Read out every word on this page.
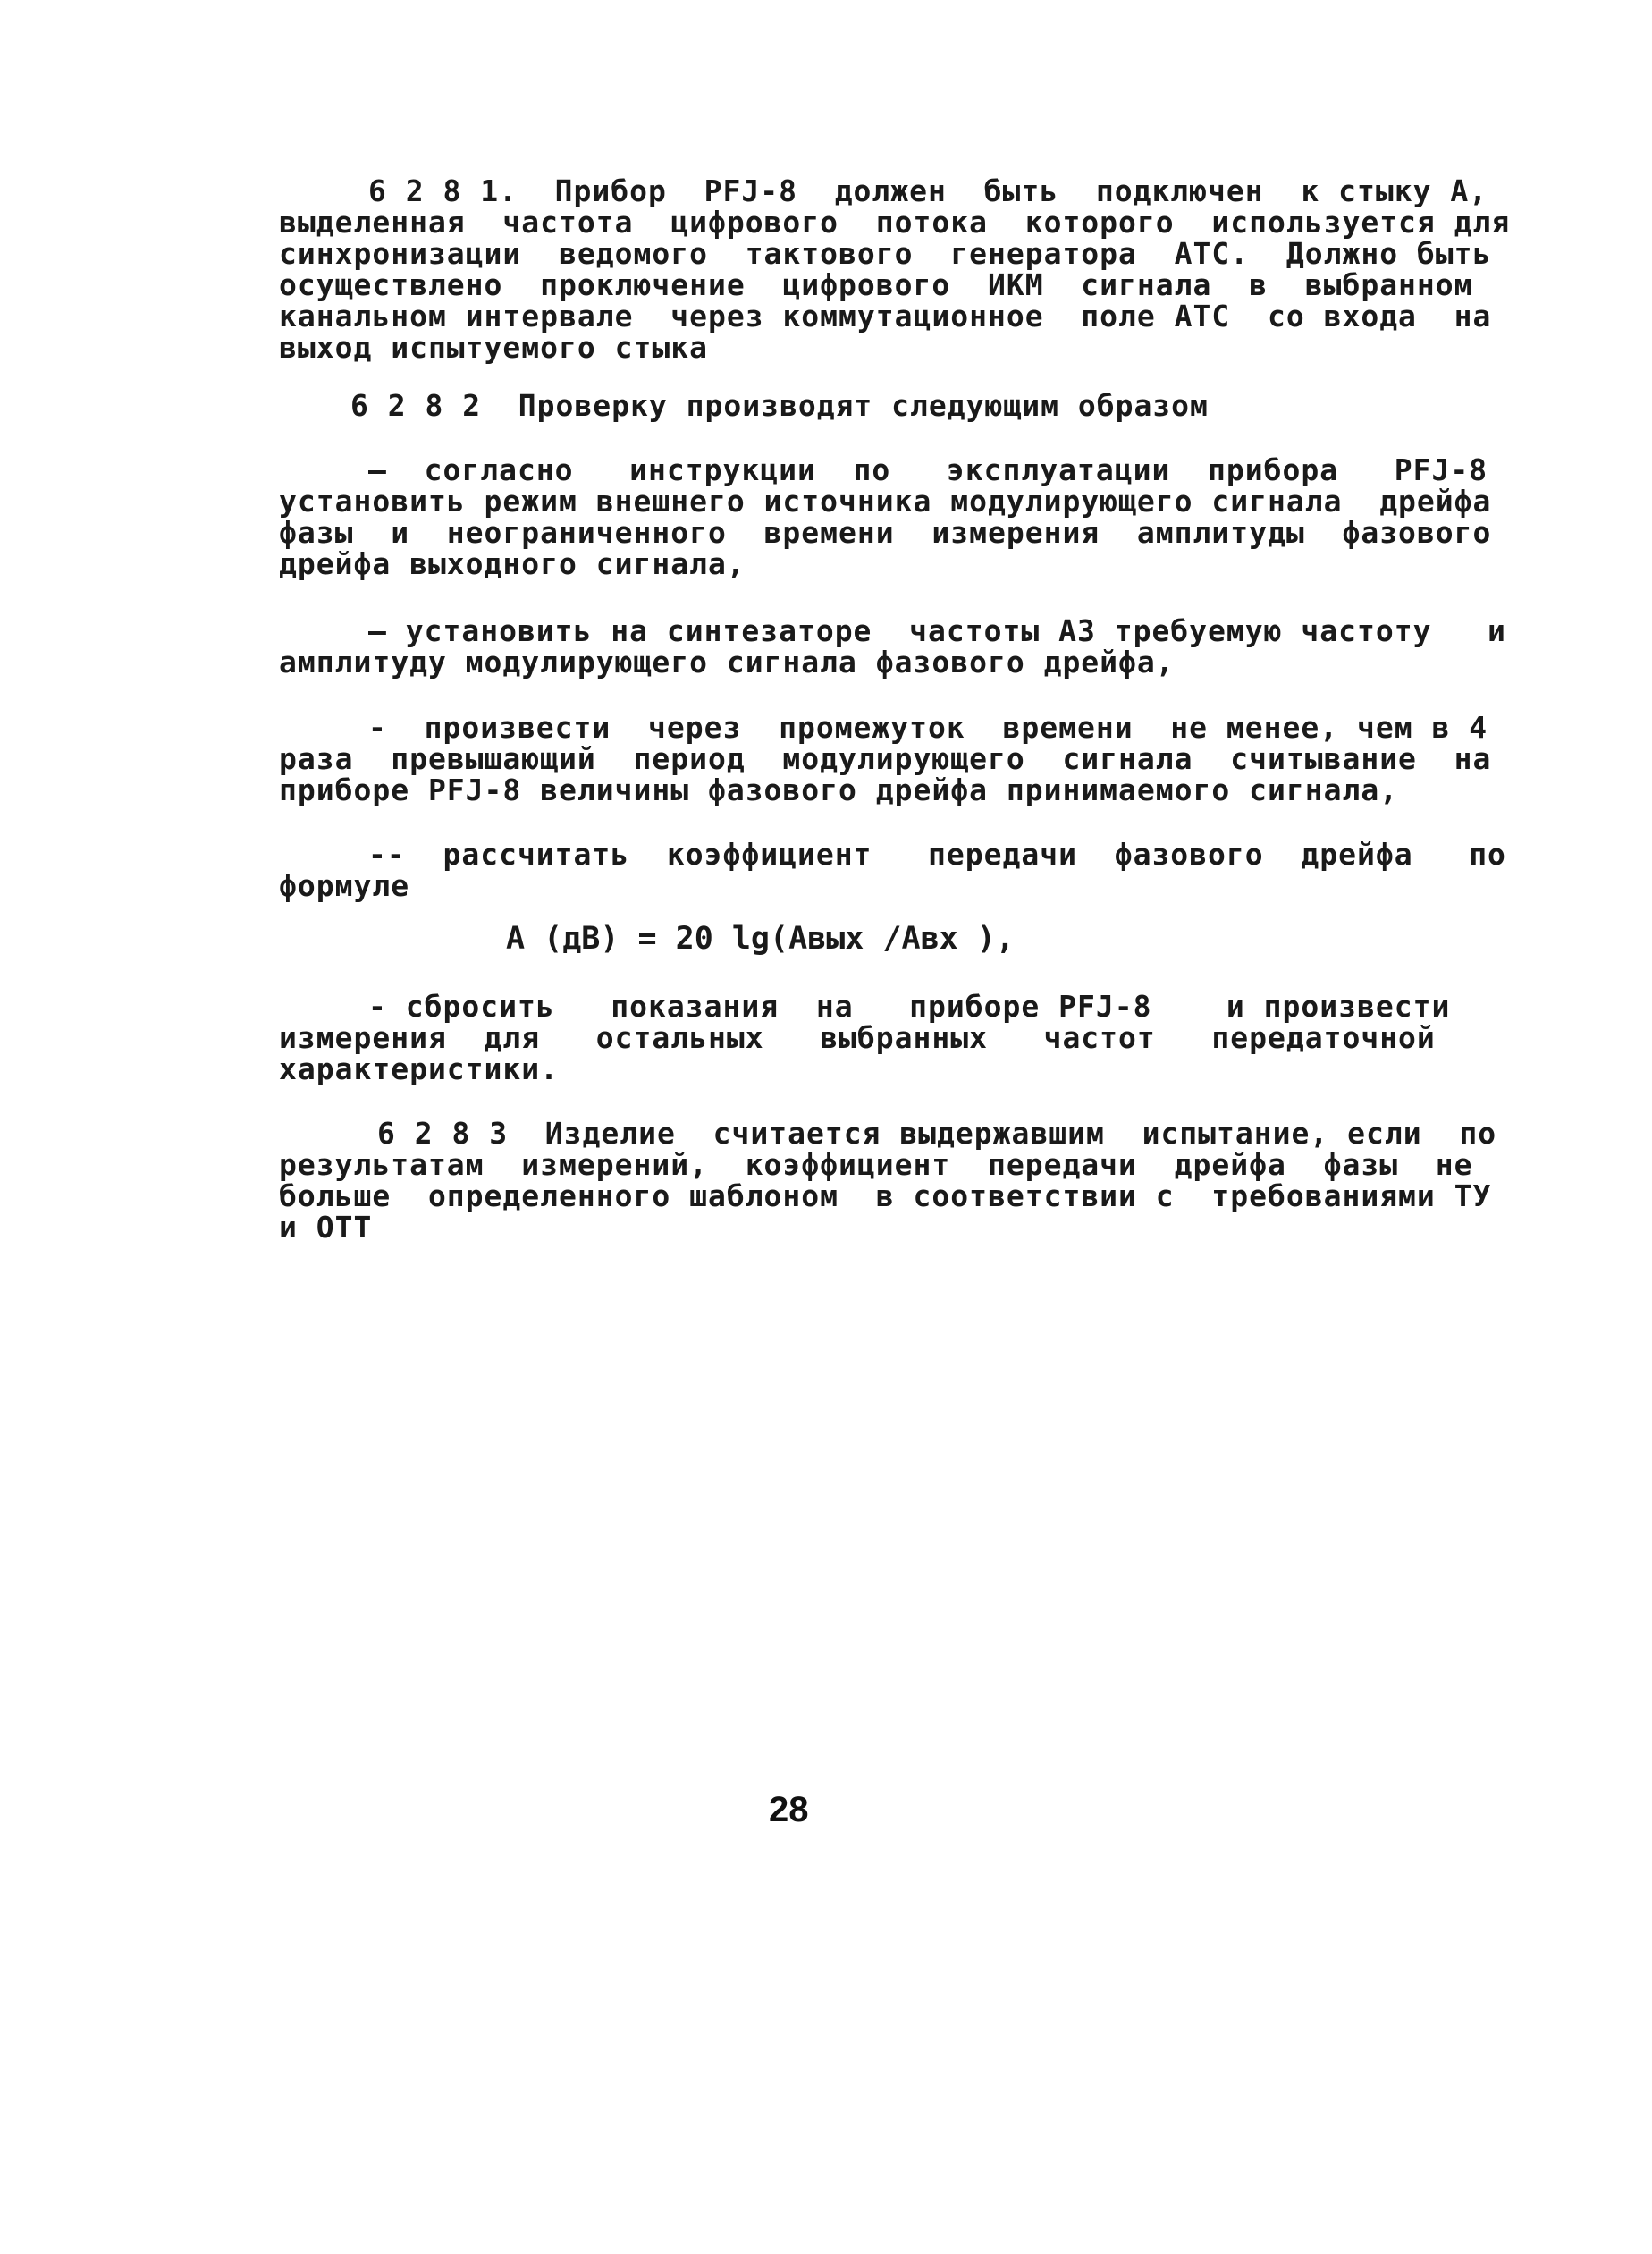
6 2 8 1.  Прибор  PFJ-8  должен  быть  подключен  к стыку А,
выделенная  частота  цифрового  потока  которого  используется для
синхронизации  ведомого  тактового  генератора  АТС.  Должно быть
осуществлено  проключение  цифрового  ИКМ  сигнала  в  выбранном
канальном интервале  через коммутационное  поле АТС  со входа  на
выход испытуемого стыка
6 2 8 2  Проверку производят следующим образом
–  согласно   инструкции  по   эксплуатации  прибора   PFJ-8
установить режим внешнего источника модулирующего сигнала  дрейфа
фазы  и  неограниченного  времени  измерения  амплитуды  фазового
дрейфа выходного сигнала,
– установить на синтезаторе  частоты А3 требуемую частоту   и
амплитуду модулирующего сигнала фазового дрейфа,
-  произвести  через  промежуток  времени  не менее, чем в 4
раза  превышающий  период  модулирующего  сигнала  считывание  на
приборе PFJ-8 величины фазового дрейфа принимаемого сигнала,
--  рассчитать  коэффициент   передачи  фазового  дрейфа   по
формуле
A (дВ) = 20 lg(Aвых /Aвх ),
- сбросить   показания  на   приборе PFJ-8    и произвести
измерения  для   остальных   выбранных   частот   передаточной
характеристики.
6 2 8 3  Изделие  считается выдержавшим  испытание, если  по
результатам  измерений,  коэффициент  передачи  дрейфа  фазы  не
больше  определенного шаблоном  в соответствии с  требованиями ТУ
и ОТТ
28
